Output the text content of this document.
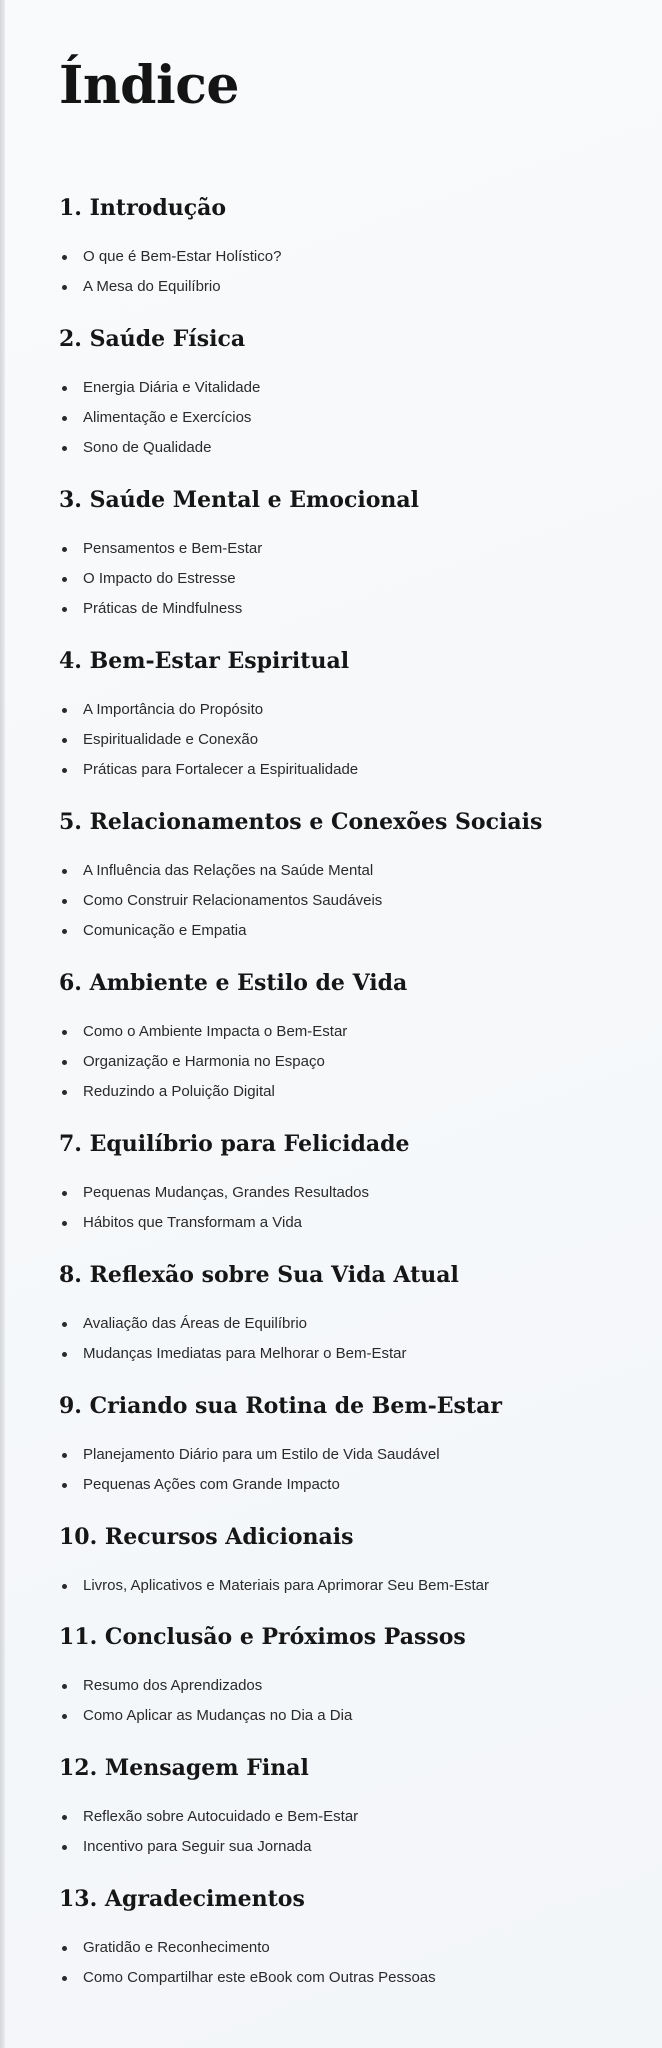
Índice
1. Introdução
O que é Bem-Estar Holístico?
A Mesa do Equilíbrio
2. Saúde Física
Energia Diária e Vitalidade
Alimentação e Exercícios
Sono de Qualidade
3. Saúde Mental e Emocional
Pensamentos e Bem-Estar
O Impacto do Estresse
Práticas de Mindfulness
4. Bem-Estar Espiritual
A Importância do Propósito
Espiritualidade e Conexão
Práticas para Fortalecer a Espiritualidade
5. Relacionamentos e Conexões Sociais
A Influência das Relações na Saúde Mental
Como Construir Relacionamentos Saudáveis
Comunicação e Empatia
6. Ambiente e Estilo de Vida
Como o Ambiente Impacta o Bem-Estar
Organização e Harmonia no Espaço
Reduzindo a Poluição Digital
7. Equilíbrio para Felicidade
Pequenas Mudanças, Grandes Resultados
Hábitos que Transformam a Vida
8. Reflexão sobre Sua Vida Atual
Avaliação das Áreas de Equilíbrio
Mudanças Imediatas para Melhorar o Bem-Estar
9. Criando sua Rotina de Bem-Estar
Planejamento Diário para um Estilo de Vida Saudável
Pequenas Ações com Grande Impacto
10. Recursos Adicionais
Livros, Aplicativos e Materiais para Aprimorar Seu Bem-Estar
11. Conclusão e Próximos Passos
Resumo dos Aprendizados
Como Aplicar as Mudanças no Dia a Dia
12. Mensagem Final
Reflexão sobre Autocuidado e Bem-Estar
Incentivo para Seguir sua Jornada
13. Agradecimentos
Gratidão e Reconhecimento
Como Compartilhar este eBook com Outras Pessoas
